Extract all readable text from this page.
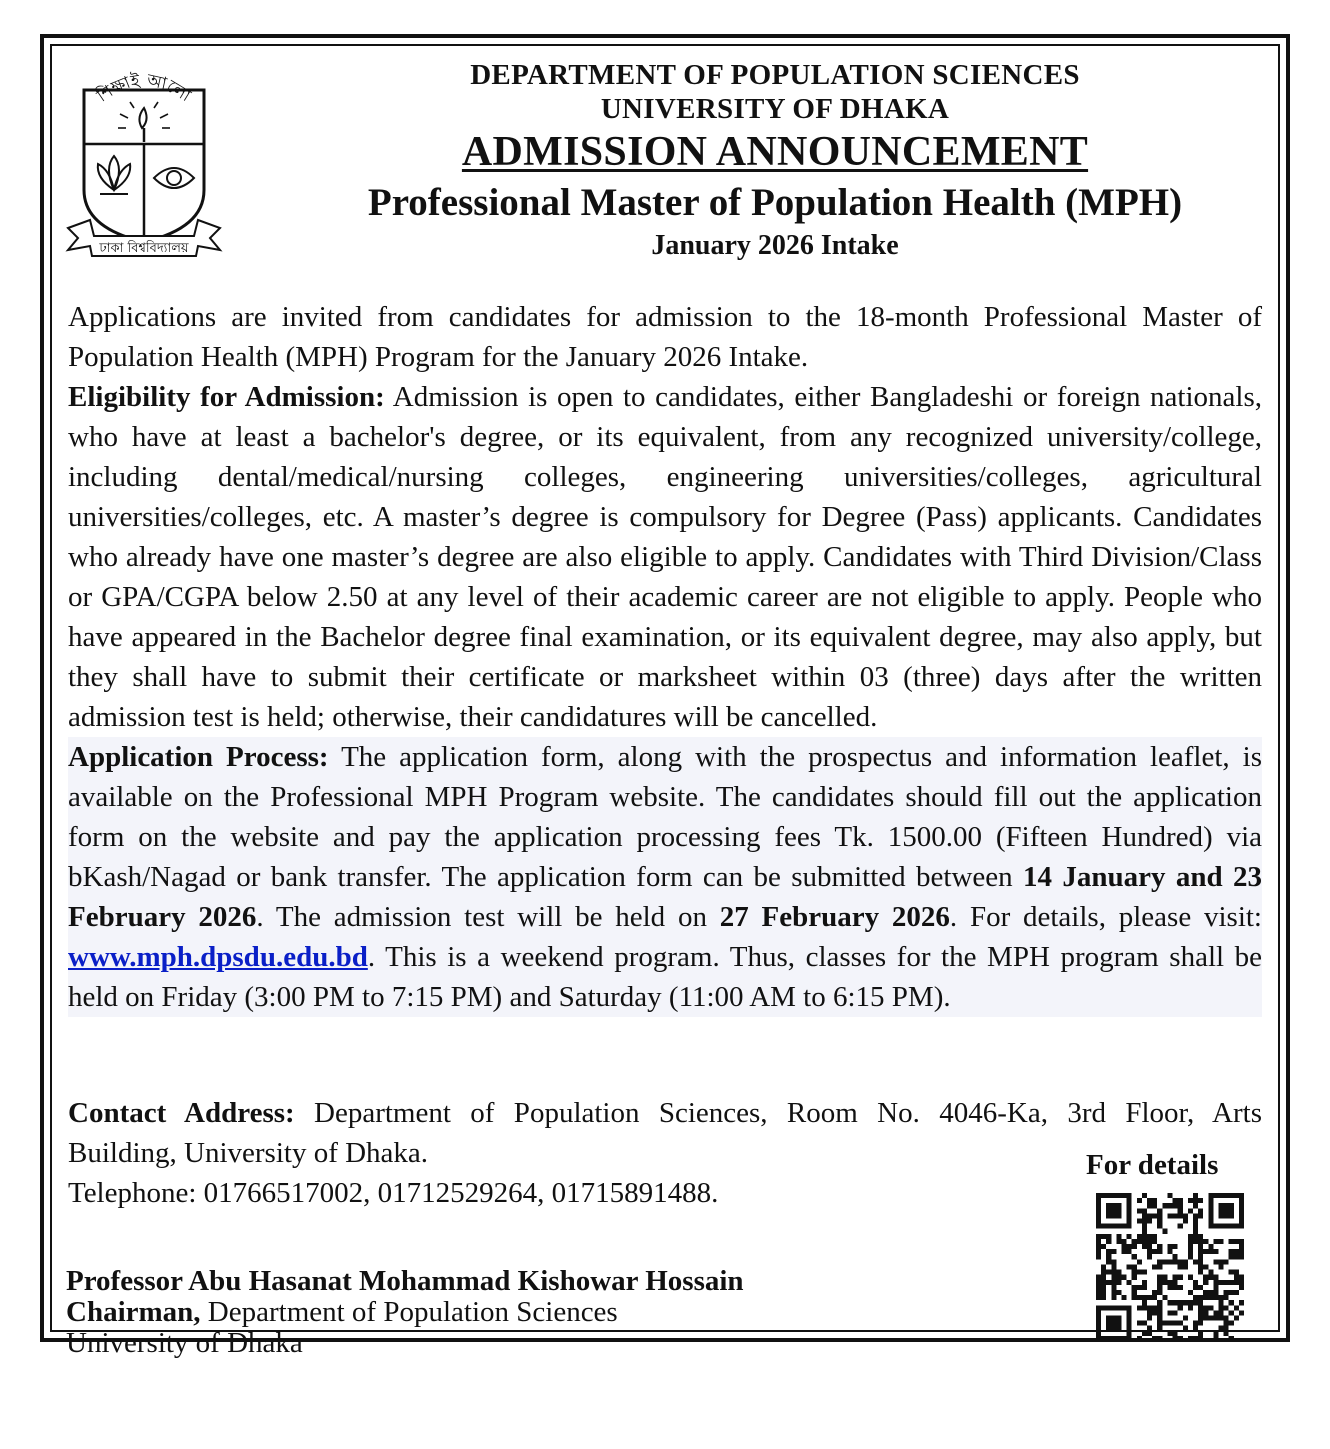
শিক্ষাই আলো
ঢাকা বিশ্ববিদ্যালয়
DEPARTMENT OF POPULATION SCIENCES
UNIVERSITY OF DHAKA
ADMISSION ANNOUNCEMENT
Professional Master of Population Health (MPH)
January 2026 Intake

Applications are invited from candidates for admission to the 18-month Professional Master of Population Health (MPH) Program for the January 2026 Intake.

Eligibility for Admission: Admission is open to candidates, either Bangladeshi or foreign nationals, who have at least a bachelor's degree, or its equivalent, from any recognized university/college, including dental/medical/nursing colleges, engineering universities/colleges, agricultural universities/colleges, etc. A master’s degree is compulsory for Degree (Pass) applicants. Candidates who already have one master’s degree are also eligible to apply. Candidates with Third Division/Class or GPA/CGPA below 2.50 at any level of their academic career are not eligible to apply. People who have appeared in the Bachelor degree final examination, or its equivalent degree, may also apply, but they shall have to submit their certificate or marksheet within 03 (three) days after the written admission test is held; otherwise, their candidatures will be cancelled.

Application Process: The application form, along with the prospectus and information leaflet, is available on the Professional MPH Program website. The candidates should fill out the application form on the website and pay the application processing fees Tk. 1500.00 (Fifteen Hundred) via bKash/Nagad or bank transfer. The application form can be submitted between 14 January and 23 February 2026. The admission test will be held on 27 February 2026. For details, please visit: www.mph.dpsdu.edu.bd. This is a weekend program. Thus, classes for the MPH program shall be held on Friday (3:00 PM to 7:15 PM) and Saturday (11:00 AM to 6:15 PM).

Contact Address: Department of Population Sciences, Room No. 4046-Ka, 3rd Floor, Arts

Building, University of Dhaka.

Telephone: 01766517002, 01712529264, 01715891488.

For details
Professor Abu Hasanat Mohammad Kishowar Hossain
Chairman, Department of Population Sciences
University of Dhaka
